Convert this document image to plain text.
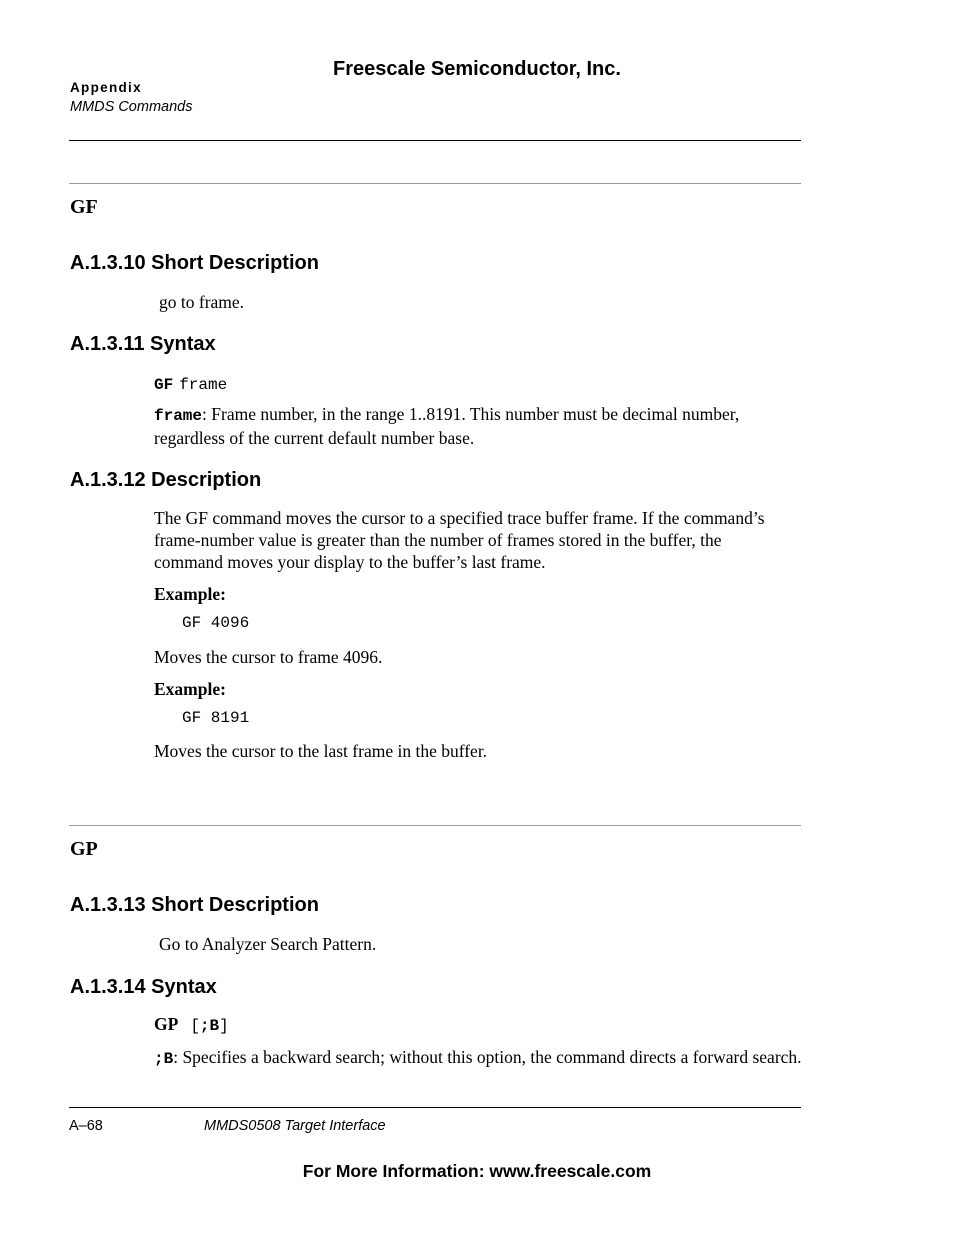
Freescale Semiconductor, Inc.
Appendix
MMDS Commands
GF
A.1.3.10 Short Description
go to frame.
A.1.3.11 Syntax
GF frame
frame: Frame number, in the range 1..8191. This number must be decimal number, regardless of the current default number base.
A.1.3.12 Description
The GF command moves the cursor to a specified trace buffer frame. If the command’s frame-number value is greater than the number of frames stored in the buffer, the command moves your display to the buffer’s last frame.
Example:
GF 4096
Moves the cursor to frame 4096.
Example:
GF 8191
Moves the cursor to the last frame in the buffer.
GP
A.1.3.13 Short Description
Go to Analyzer Search Pattern.
A.1.3.14 Syntax
GP [;B]
;B: Specifies a backward search; without this option, the command directs a forward search.
A–68	MMDS0508 Target Interface
For More Information: www.freescale.com
